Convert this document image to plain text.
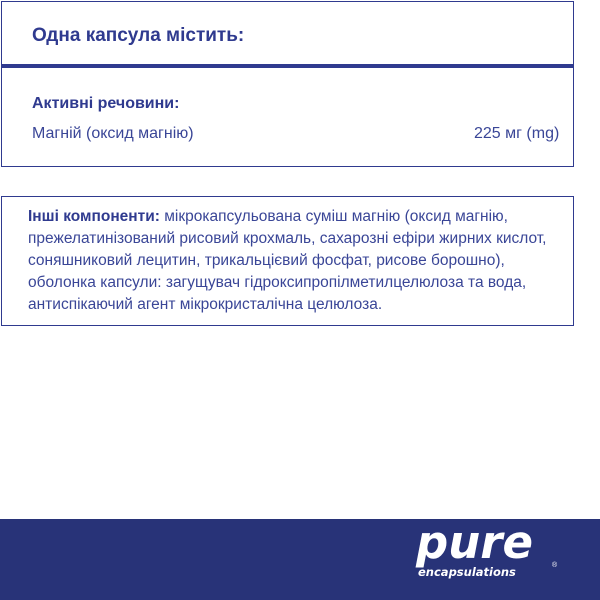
Одна капсула містить:
Активні речовини:
Магній (оксид магнію)	225 мг (mg)
Інші компоненти: мікрокапсульована суміш магнію (оксид магнію, прежелатинізований рисовий крохмаль, сахарозні ефіри жирних кислот, соняшниковий лецитин, трикальцієвий фосфат, рисове борошно), оболонка капсули: загущувач гідроксипропілметилцелюлоза та вода, антиспікаючий агент мікрокристалічна целюлоза.
pure
encapsulations	®
